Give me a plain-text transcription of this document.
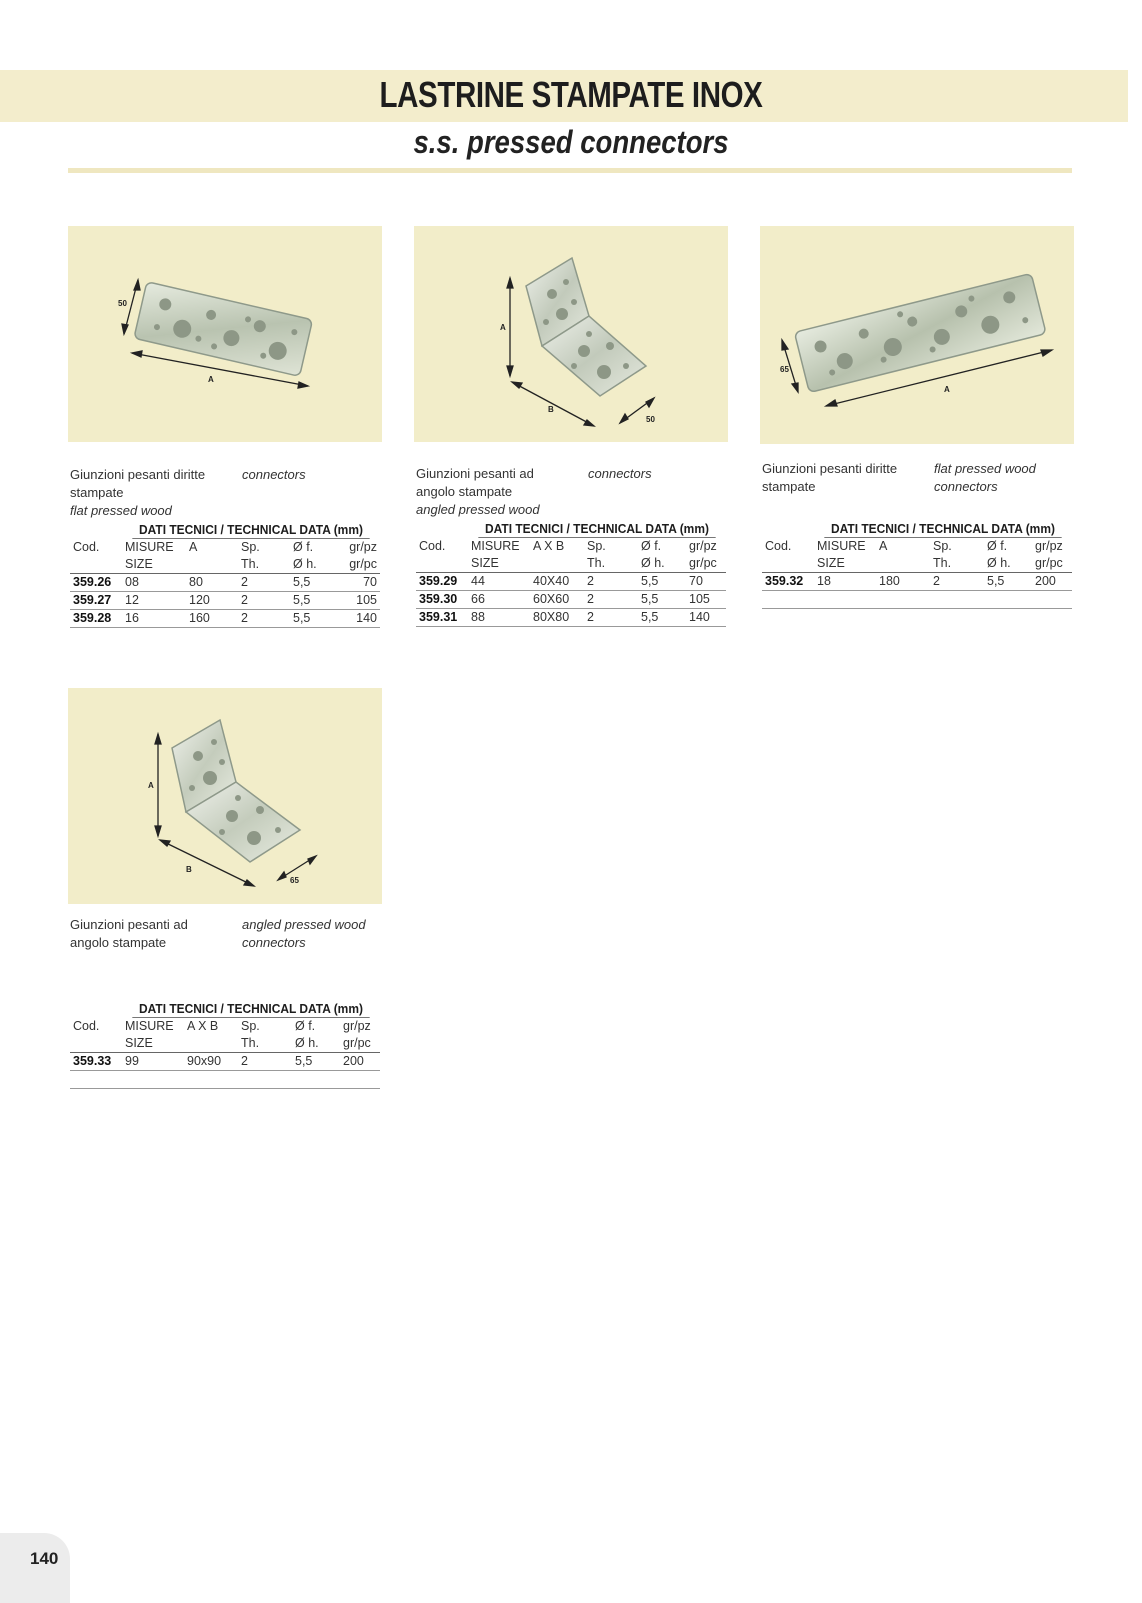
LASTRINE STAMPATE INOX
s.s. pressed connectors
50
A
Giunzioni pesanti diritte stampate
connectors
flat pressed wood
DATI TECNICI / TECHNICAL DATA (mm)
Cod.	MISURE	A	Sp.	Ø f.	gr/pz
	SIZE		Th.	Ø h.	gr/pc
359.26	08	80	2	5,5	70
359.27	12	120	2	5,5	105
359.28	16	160	2	5,5	140
A
B
50
Giunzioni pesanti ad angolo stampate
connectors
angled pressed wood
DATI TECNICI / TECHNICAL DATA (mm)
Cod.	MISURE	A X B	Sp.	Ø f.	gr/pz
	SIZE		Th.	Ø h.	gr/pc
359.29	44	40X40	2	5,5	70
359.30	66	60X60	2	5,5	105
359.31	88	80X80	2	5,5	140
65
A
Giunzioni pesanti diritte stampate
flat pressed wood connectors
DATI TECNICI / TECHNICAL DATA (mm)
Cod.	MISURE	A	Sp.	Ø f.	gr/pz
	SIZE		Th.	Ø h.	gr/pc
359.32	18	180	2	5,5	200
A
B
65
Giunzioni pesanti ad angolo stampate
angled pressed wood connectors
DATI TECNICI / TECHNICAL DATA (mm)
Cod.	MISURE	A X B	Sp.	Ø f.	gr/pz
	SIZE		Th.	Ø h.	gr/pc
359.33	99	90x90	2	5,5	200
140
